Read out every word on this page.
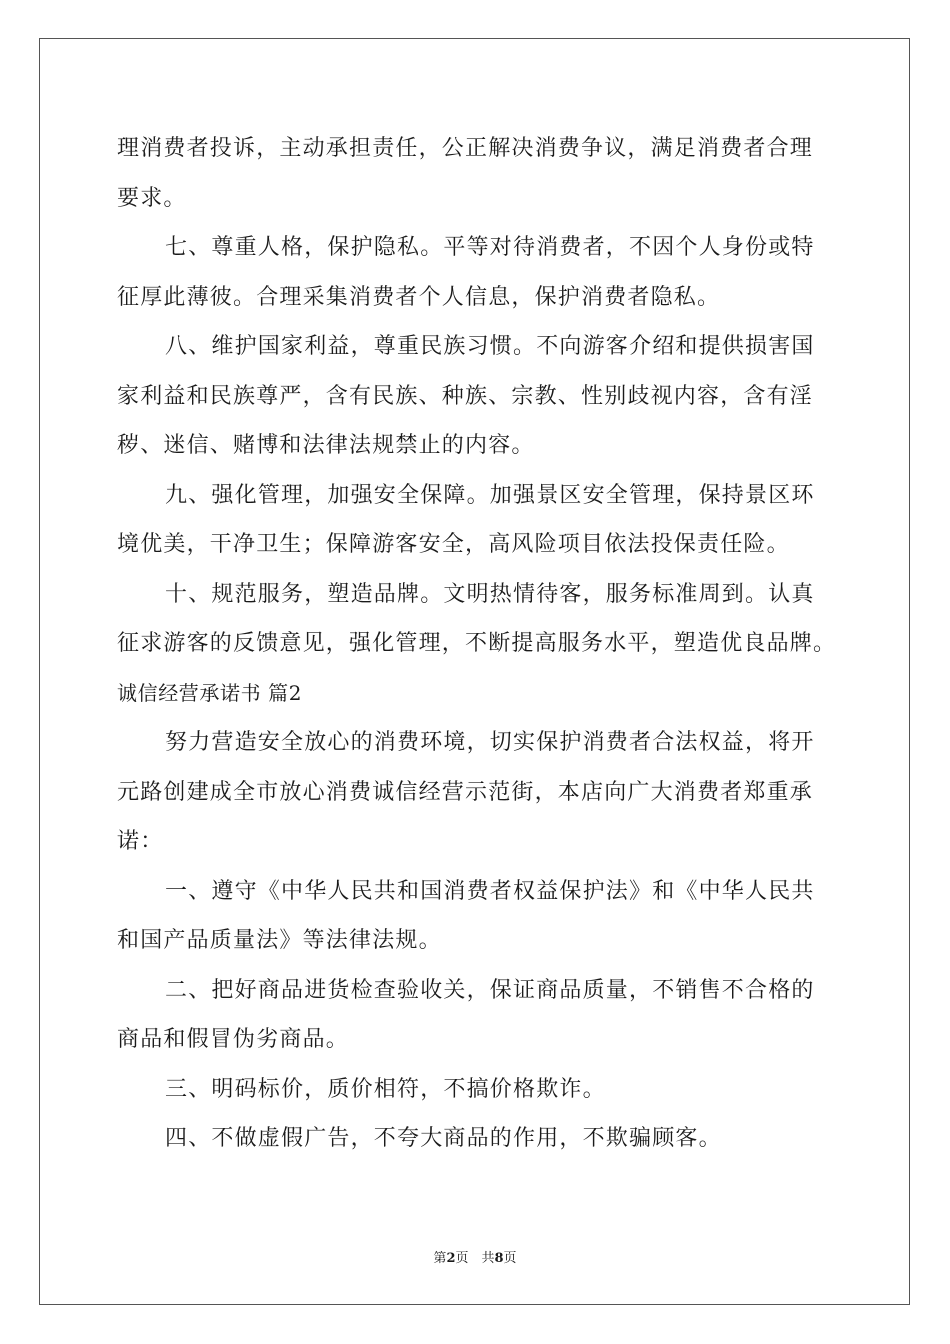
理消费者投诉，主动承担责任，公正解决消费争议，满足消费者合理
要求。
七、尊重人格，保护隐私。平等对待消费者，不因个人身份或特
征厚此薄彼。合理采集消费者个人信息，保护消费者隐私。
八、维护国家利益，尊重民族习惯。不向游客介绍和提供损害国
家利益和民族尊严，含有民族、种族、宗教、性别歧视内容，含有淫
秽、迷信、赌博和法律法规禁止的内容。
九、强化管理，加强安全保障。加强景区安全管理，保持景区环
境优美，干净卫生；保障游客安全，高风险项目依法投保责任险。
十、规范服务，塑造品牌。文明热情待客，服务标准周到。认真
征求游客的反馈意见，强化管理，不断提高服务水平，塑造优良品牌。
诚信经营承诺书 篇2
努力营造安全放心的消费环境，切实保护消费者合法权益，将开
元路创建成全市放心消费诚信经营示范街，本店向广大消费者郑重承
诺：
一、遵守《中华人民共和国消费者权益保护法》和《中华人民共
和国产品质量法》等法律法规。
二、把好商品进货检查验收关，保证商品质量，不销售不合格的
商品和假冒伪劣商品。
三、明码标价，质价相符，不搞价格欺诈。
四、不做虚假广告，不夸大商品的作用，不欺骗顾客。
第2页　共8页
